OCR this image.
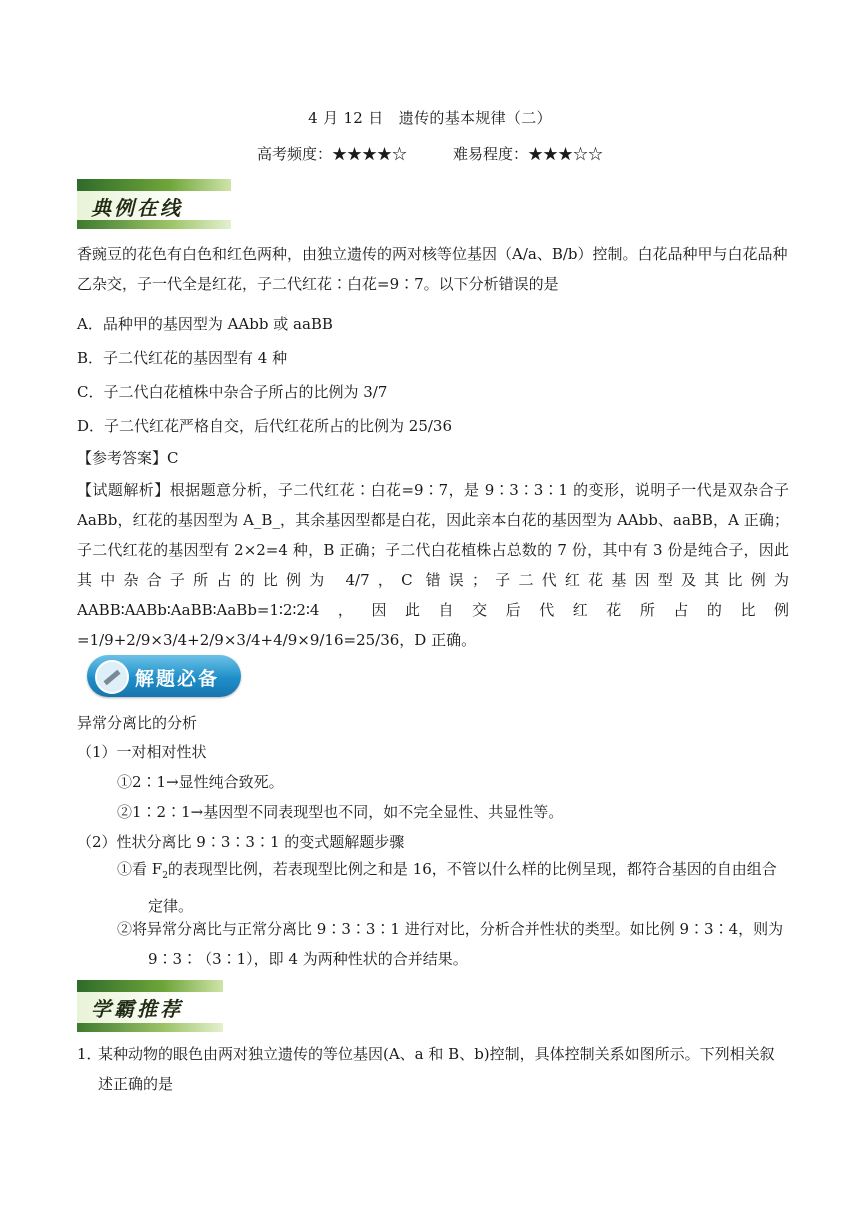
4 月 12 日　遗传的基本规律（二）
高考频度：★★★★☆	难易程度：★★★☆☆
典例在线
香豌豆的花色有白色和红色两种，由独立遗传的两对核等位基因（A/a、B/b）控制。白花品种甲与白花品种乙杂交，子一代全是红花，子二代红花∶白花=9∶7。以下分析错误的是
A．品种甲的基因型为 AAbb 或 aaBB
B．子二代红花的基因型有 4 种
C．子二代白花植株中杂合子所占的比例为 3/7
D．子二代红花严格自交，后代红花所占的比例为 25/36
【参考答案】C
【试题解析】根据题意分析，子二代红花∶白花=9∶7，是 9∶3∶3∶1 的变形，说明子一代是双杂合子 AaBb，红花的基因型为 A_B_，其余基因型都是白花，因此亲本白花的基因型为 AAbb、aaBB，A 正确；子二代红花的基因型有 2×2=4 种，B 正确；子二代白花植株占总数的 7 份，其中有 3 份是纯合子，因此其中杂合子所占的比例为 4/7，C 错误；子二代红花基因型及其比例为 AABB∶AABb∶AaBB∶AaBb=1∶2∶2∶4，因此自交后代红花所占的比例=1/9+2/9×3/4+2/9×3/4+4/9×9/16=25/36，D 正确。
解题必备
异常分离比的分析
（1）一对相对性状
①2∶1→显性纯合致死。
②1∶2∶1→基因型不同表现型也不同，如不完全显性、共显性等。
（2）性状分离比 9∶3∶3∶1 的变式题解题步骤
①看 $F_2$的表现型比例，若表现型比例之和是 16，不管以什么样的比例呈现，都符合基因的自由组合定律。
②将异常分离比与正常分离比 9∶3∶3∶1 进行对比，分析合并性状的类型。如比例 9∶3∶4，则为 9∶3∶（3∶1），即 4 为两种性状的合并结果。
学霸推荐
1．
某种动物的眼色由两对独立遗传的等位基因(A、a 和 B、b)控制，具体控制关系如图所示。下列相关叙述正确的是
